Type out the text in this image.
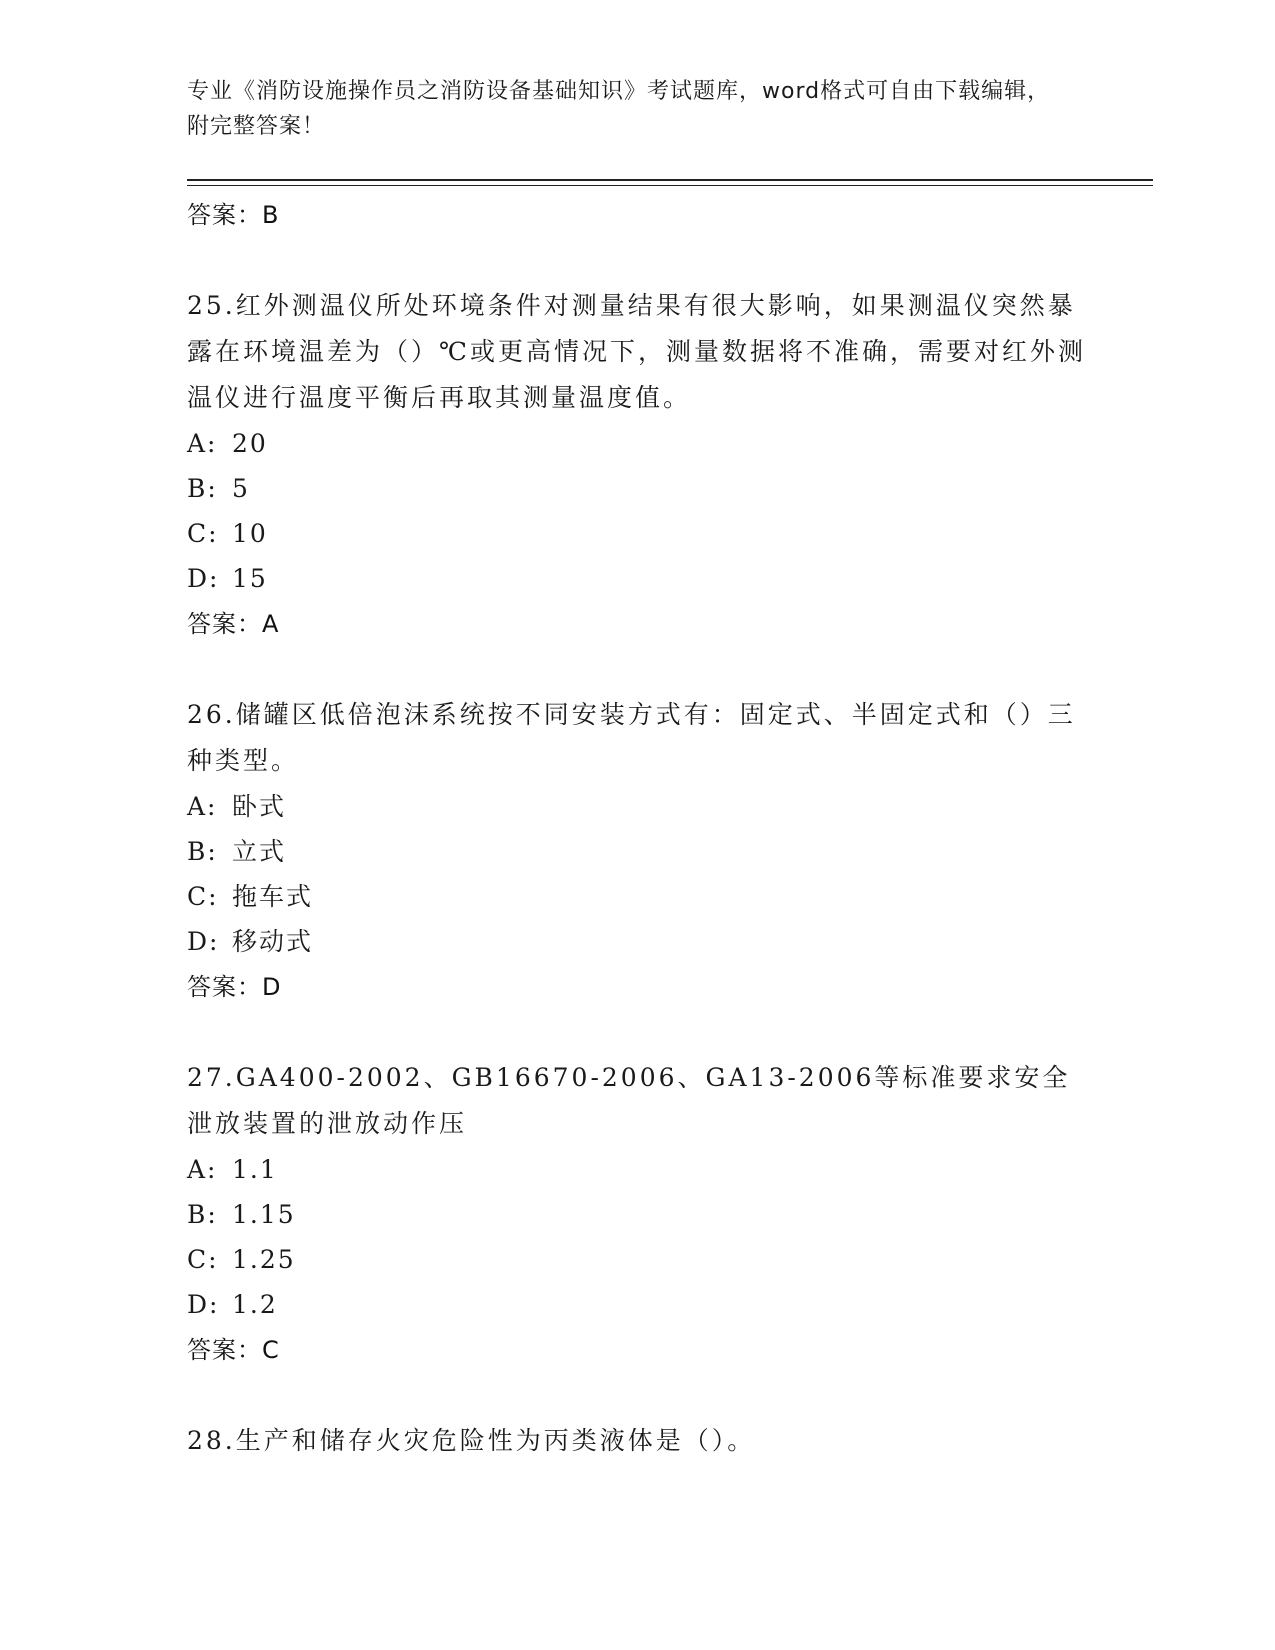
专业《消防设施操作员之消防设备基础知识》考试题库，word格式可自由下载编辑，附完整答案！
答案：B

25.红外测温仪所处环境条件对测量结果有很大影响，如果测温仪突然暴露在环境温差为（）℃或更高情况下，测量数据将不准确，需要对红外测温仪进行温度平衡后再取其测量温度值。

A: 20
B: 5
C: 10
D: 15
答案：A

26.储罐区低倍泡沫系统按不同安装方式有：固定式、半固定式和（）三种类型。

A: 卧式
B: 立式
C: 拖车式
D: 移动式
答案：D

27.GA400-2002、GB16670-2006、GA13-2006等标准要求安全泄放装置的泄放动作压

A: 1.1
B: 1.15
C: 1.25
D: 1.2
答案：C

28.生产和储存火灾危险性为丙类液体是（）。
